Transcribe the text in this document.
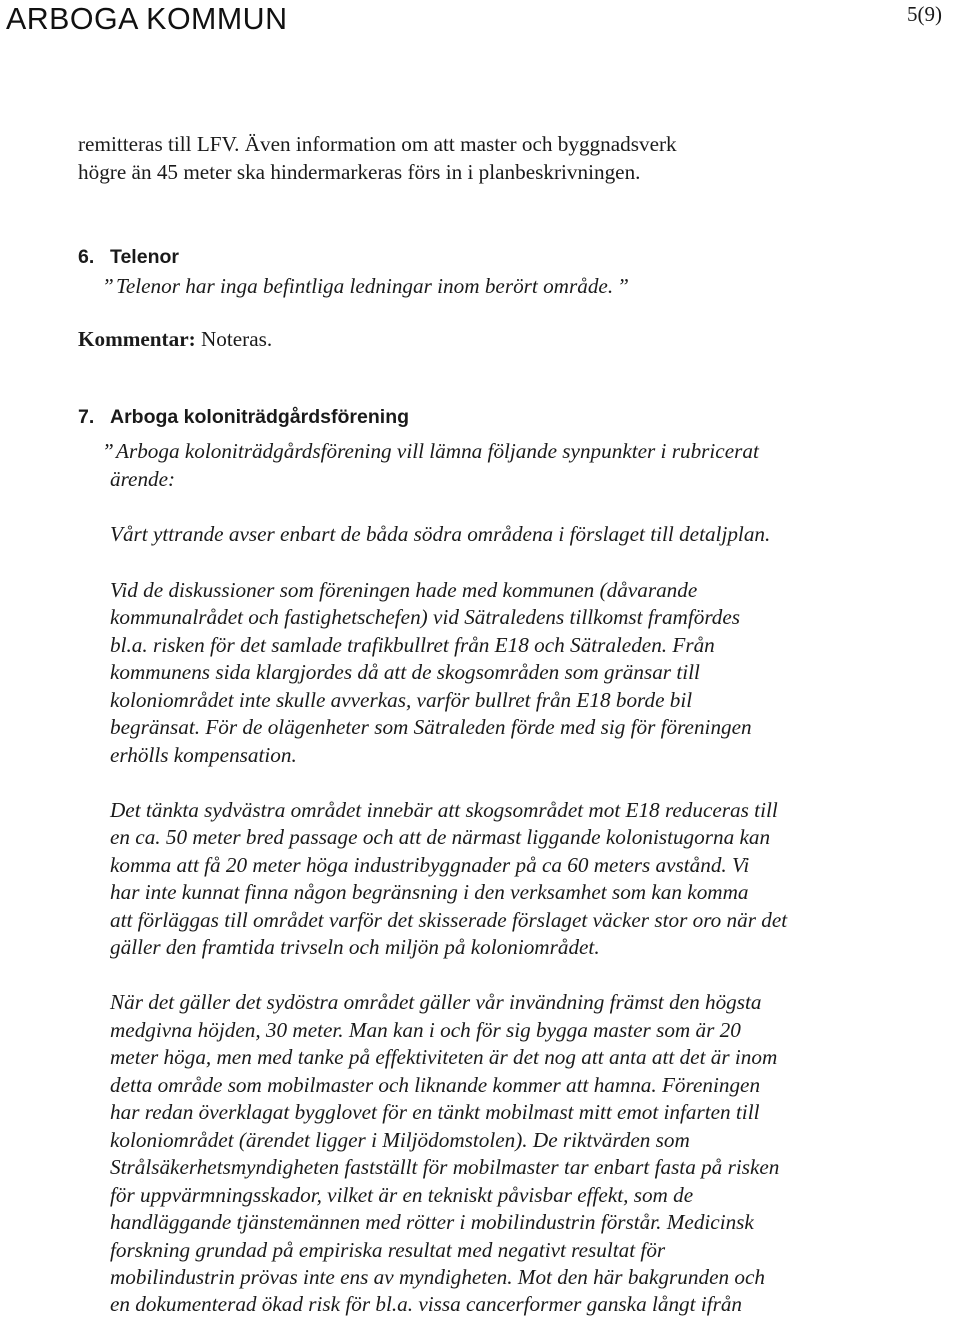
ARBOGA KOMMUN	5(9)
remitteras till LFV. Även information om att master och byggnadsverk
högre än 45 meter ska hindermarkeras förs in i planbeskrivningen.
6. Telenor
” Telenor har inga befintliga ledningar inom berört område. ”
Kommentar: Noteras.
7. Arboga koloniträdgårdsförening
” Arboga koloniträdgårdsförening vill lämna följande synpunkter i rubricerat
ärende:
Vårt yttrande avser enbart de båda södra områdena i förslaget till detaljplan.
Vid de diskussioner som föreningen hade med kommunen (dåvarande
kommunalrådet och fastighetschefen) vid Sätraledens tillkomst framfördes
bl.a. risken för det samlade trafikbullret från E18 och Sätraleden. Från
kommunens sida klargjordes då att de skogsområden som gränsar till
koloniområdet inte skulle avverkas, varför bullret från E18 borde bil
begränsat. För de olägenheter som Sätraleden förde med sig för föreningen
erhölls kompensation.
Det tänkta sydvästra området innebär att skogsområdet mot E18 reduceras till
en ca. 50 meter bred passage och att de närmast liggande kolonistugorna kan
komma att få 20 meter höga industribyggnader på ca 60 meters avstånd. Vi
har inte kunnat finna någon begränsning i den verksamhet som kan komma
att förläggas till området varför det skisserade förslaget väcker stor oro när det
gäller den framtida trivseln och miljön på koloniområdet.
När det gäller det sydöstra området gäller vår invändning främst den högsta
medgivna höjden, 30 meter. Man kan i och för sig bygga master som är 20
meter höga, men med tanke på effektiviteten är det nog att anta att det är inom
detta område som mobilmaster och liknande kommer att hamna. Föreningen
har redan överklagat bygglovet för en tänkt mobilmast mitt emot infarten till
koloniområdet (ärendet ligger i Miljödomstolen). De riktvärden som
Strålsäkerhetsmyndigheten fastställt för mobilmaster tar enbart fasta på risken
för uppvärmningsskador, vilket är en tekniskt påvisbar effekt, som de
handläggande tjänstemännen med rötter i mobilindustrin förstår. Medicinsk
forskning grundad på empiriska resultat med negativt resultat för
mobilindustrin prövas inte ens av myndigheten. Mot den här bakgrunden och
en dokumenterad ökad risk för bl.a. vissa cancerformer ganska långt ifrån
